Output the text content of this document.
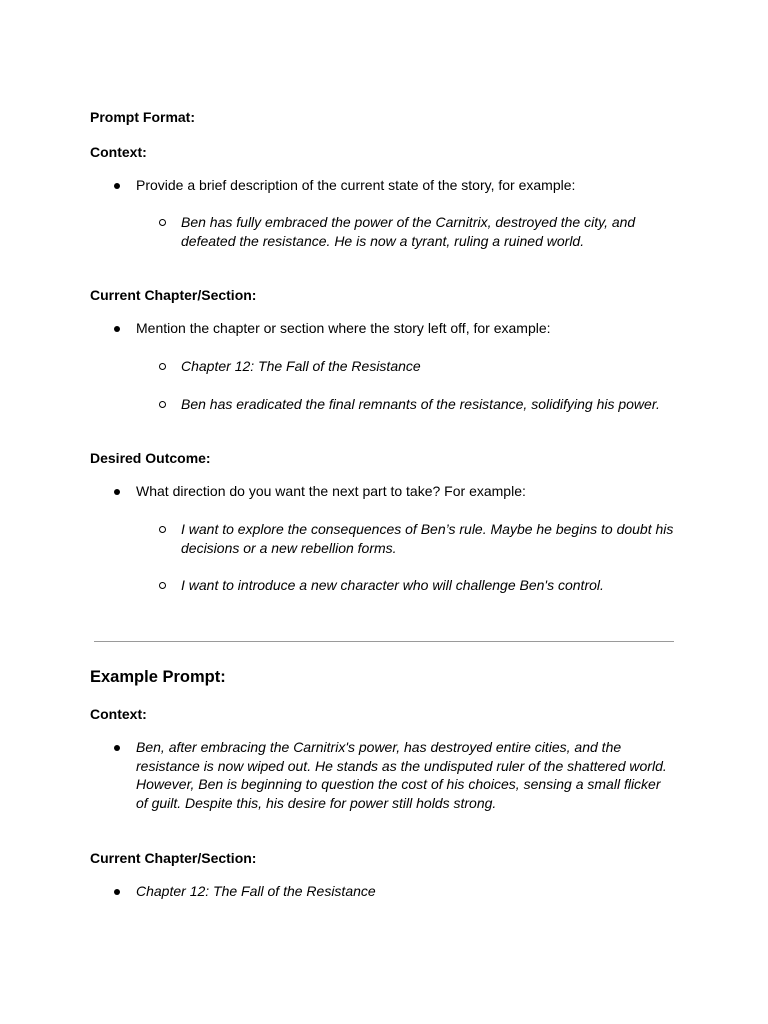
Prompt Format:

Context:

Provide a brief description of the current state of the story, for example:

Ben has fully embraced the power of the Carnitrix, destroyed the city, and defeated the resistance. He is now a tyrant, ruling a ruined world.

Current Chapter/Section:

Mention the chapter or section where the story left off, for example:

Chapter 12: The Fall of the Resistance

Ben has eradicated the final remnants of the resistance, solidifying his power.

Desired Outcome:

What direction do you want the next part to take? For example:

I want to explore the consequences of Ben’s rule. Maybe he begins to doubt his decisions or a new rebellion forms.

I want to introduce a new character who will challenge Ben's control.

Example Prompt:

Context:

Ben, after embracing the Carnitrix's power, has destroyed entire cities, and the resistance is now wiped out. He stands as the undisputed ruler of the shattered world. However, Ben is beginning to question the cost of his choices, sensing a small flicker of guilt. Despite this, his desire for power still holds strong.

Current Chapter/Section:

Chapter 12: The Fall of the Resistance
